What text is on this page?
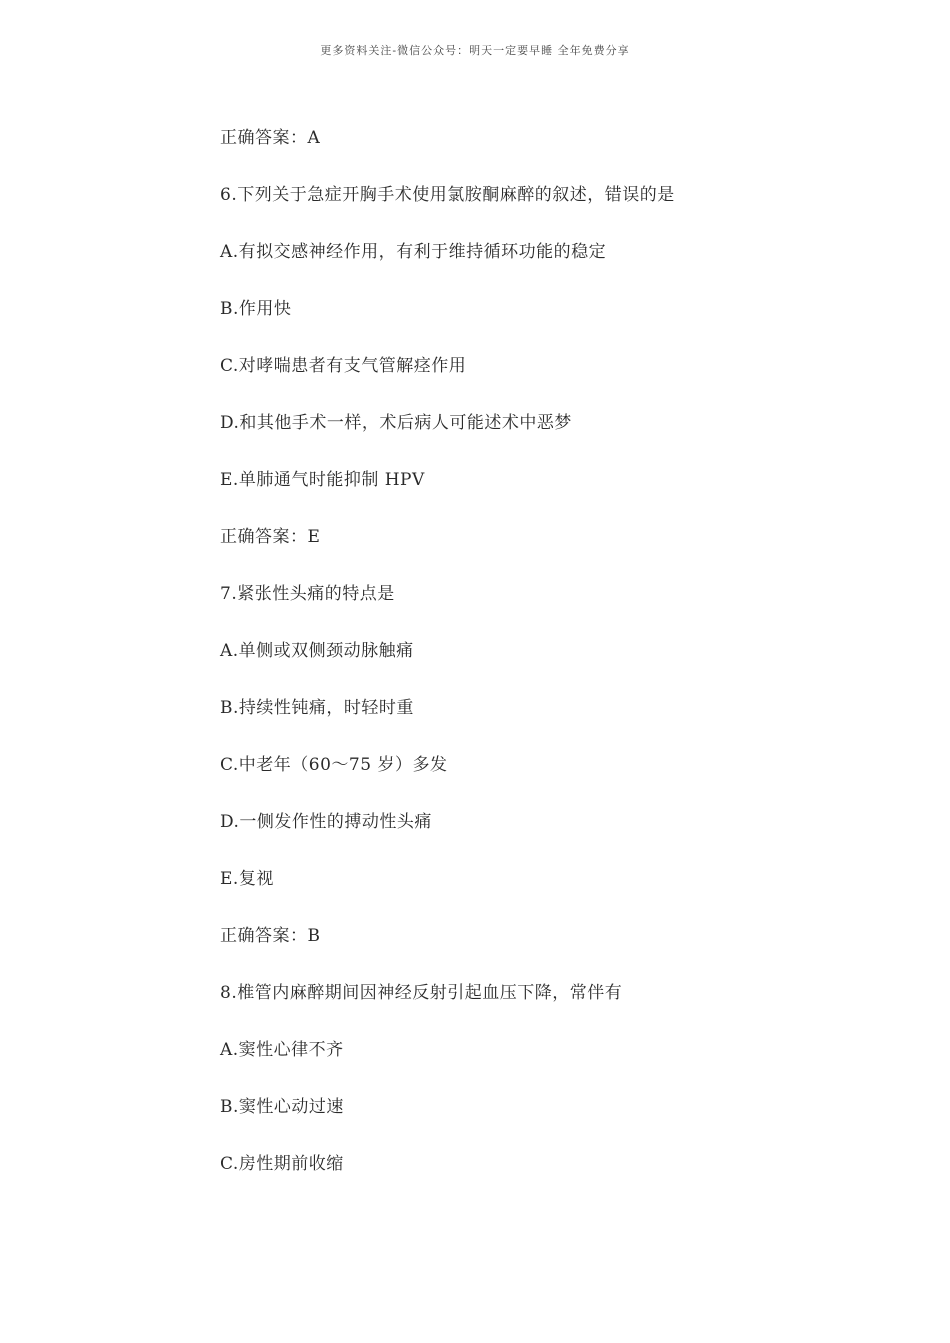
更多资料关注-微信公众号：明天一定要早睡 全年免费分享
正确答案：A
6.下列关于急症开胸手术使用氯胺酮麻醉的叙述，错误的是
A.有拟交感神经作用，有利于维持循环功能的稳定
B.作用快
C.对哮喘患者有支气管解痉作用
D.和其他手术一样，术后病人可能述术中恶梦
E.单肺通气时能抑制 HPV
正确答案：E
7.紧张性头痛的特点是
A.单侧或双侧颈动脉触痛
B.持续性钝痛，时轻时重
C.中老年（60～75 岁）多发
D.一侧发作性的搏动性头痛
E.复视
正确答案：B
8.椎管内麻醉期间因神经反射引起血压下降，常伴有
A.窦性心律不齐
B.窦性心动过速
C.房性期前收缩
